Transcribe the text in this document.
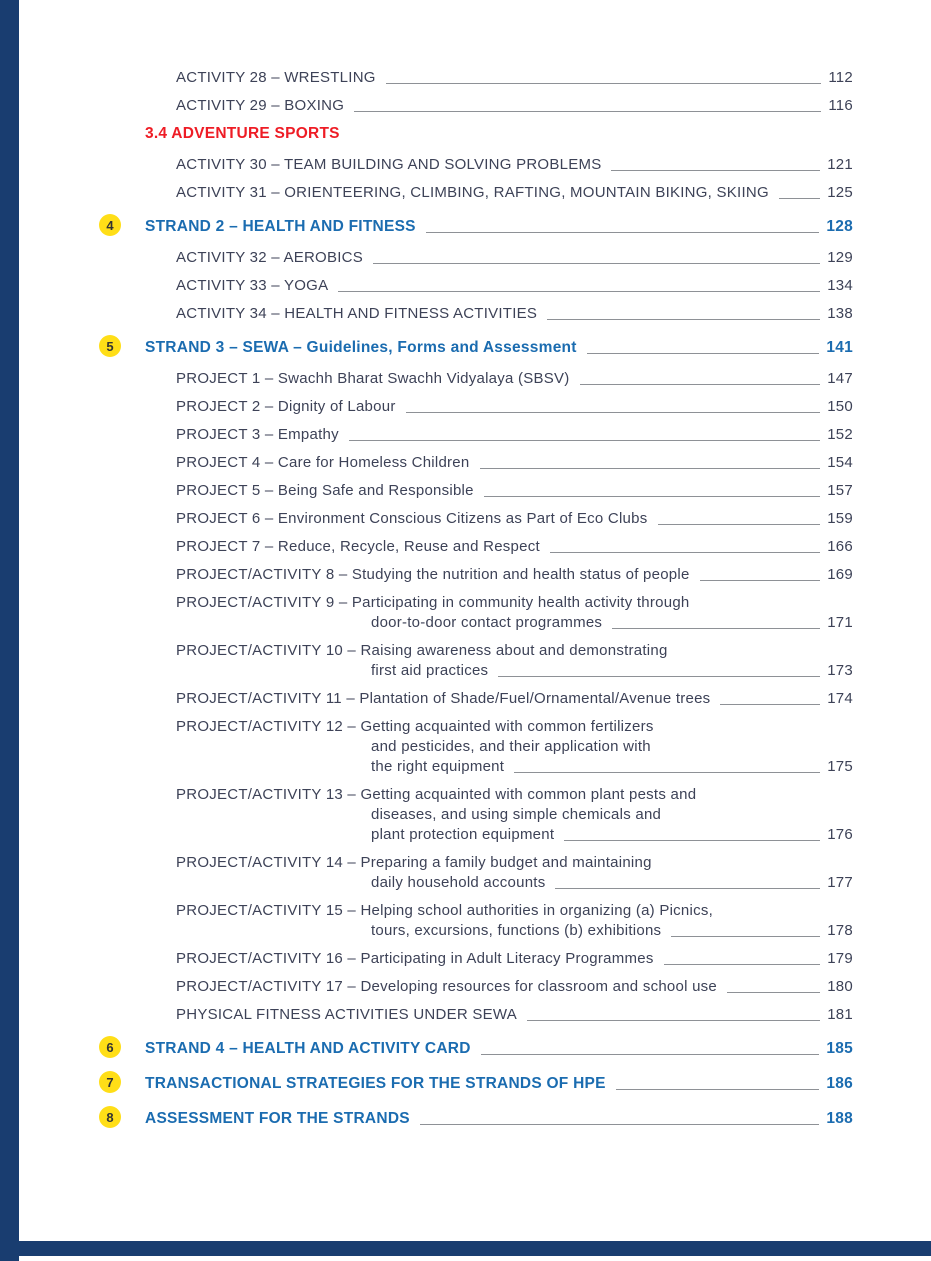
ACTIVITY 28 – WRESTLING	112
ACTIVITY 29 – BOXING	116
3.4 ADVENTURE SPORTS
ACTIVITY 30 – TEAM BUILDING AND SOLVING PROBLEMS	121
ACTIVITY 31 – ORIENTEERING, CLIMBING, RAFTING, MOUNTAIN BIKING, SKIING	125
4	STRAND 2 – HEALTH AND FITNESS	128
ACTIVITY 32 – AEROBICS	129
ACTIVITY 33 – YOGA	134
ACTIVITY 34 – HEALTH AND FITNESS ACTIVITIES	138
5	STRAND 3 – SEWA – Guidelines, Forms and Assessment	141
PROJECT 1 – Swachh Bharat Swachh Vidyalaya (SBSV)	147
PROJECT 2 – Dignity of Labour	150
PROJECT 3 – Empathy	152
PROJECT 4 – Care for Homeless Children	154
PROJECT 5 – Being Safe and Responsible	157
PROJECT 6 – Environment Conscious Citizens as Part of Eco Clubs	159
PROJECT 7 – Reduce, Recycle, Reuse and Respect	166
PROJECT/ACTIVITY 8 – Studying the nutrition and health status of people	169
PROJECT/ACTIVITY 9 – Participating in community health activity through
door-to-door contact programmes	171
PROJECT/ACTIVITY 10 – Raising awareness about and demonstrating
first aid practices	173
PROJECT/ACTIVITY 11 – Plantation of Shade/Fuel/Ornamental/Avenue trees	174
PROJECT/ACTIVITY 12 – Getting acquainted with common fertilizers
and pesticides, and their application with
the right equipment	175
PROJECT/ACTIVITY 13 – Getting acquainted with common plant pests and
diseases, and using simple chemicals and
plant protection equipment	176
PROJECT/ACTIVITY 14 – Preparing a family budget and maintaining
daily household accounts	177
PROJECT/ACTIVITY 15 – Helping school authorities in organizing (a) Picnics,
tours, excursions, functions (b) exhibitions	178
PROJECT/ACTIVITY 16 – Participating in Adult Literacy Programmes	179
PROJECT/ACTIVITY 17 – Developing resources for classroom and school use	180
PHYSICAL FITNESS ACTIVITIES UNDER SEWA	181
6	STRAND 4 – HEALTH AND ACTIVITY CARD	185
7	TRANSACTIONAL STRATEGIES FOR THE STRANDS OF HPE	186
8	ASSESSMENT FOR THE STRANDS	188
